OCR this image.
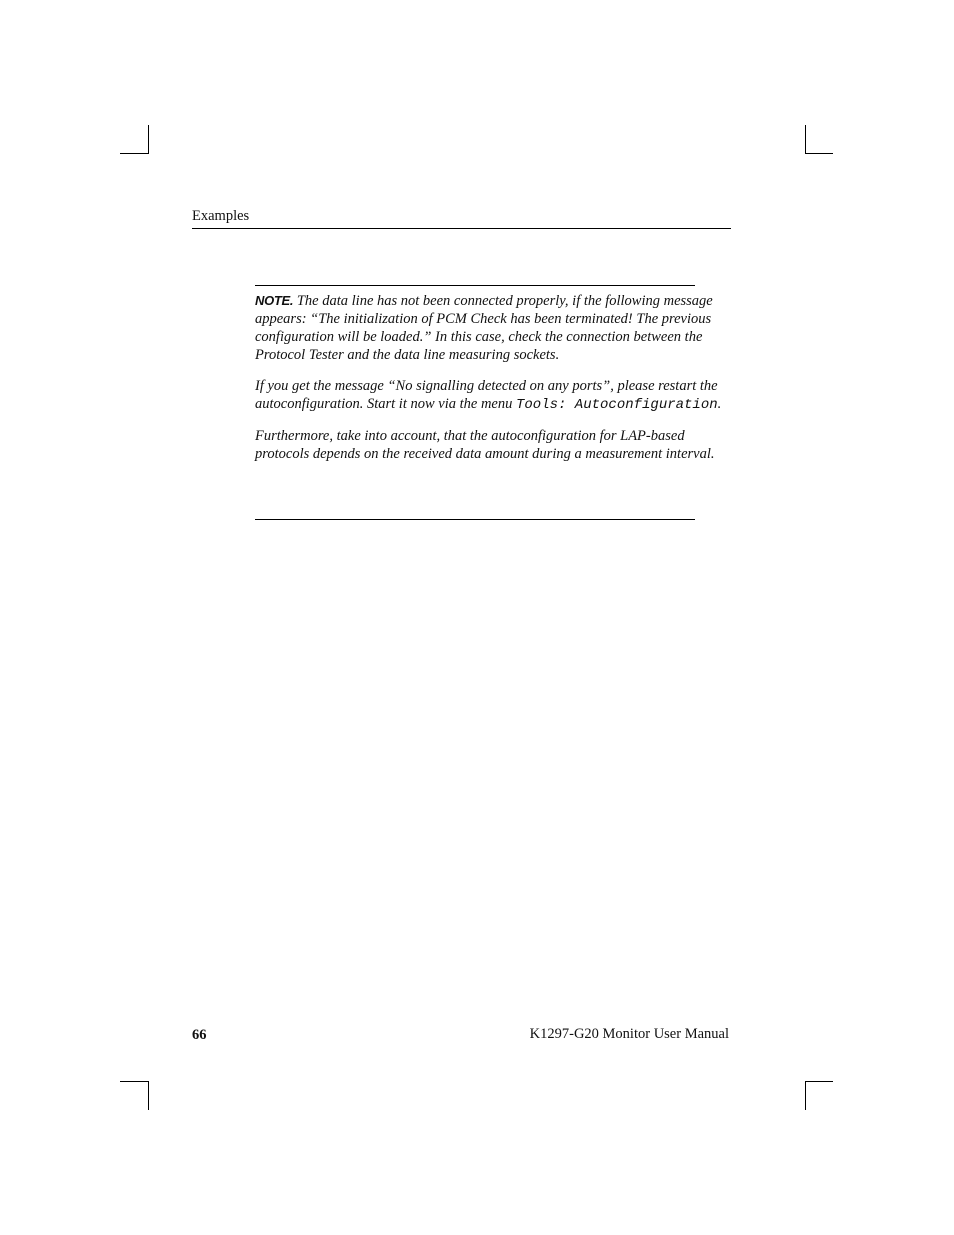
Examples

NOTE. The data line has not been connected properly, if the following message appears: “The initialization of PCM Check has been terminated! The previous configuration will be loaded.” In this case, check the connection between the Protocol Tester and the data line measuring sockets.

If you get the message “No signalling detected on any ports”, please restart the autoconfiguration. Start it now via the menu Tools: Autoconfiguration.

Furthermore, take into account, that the autoconfiguration for LAP-based protocols depends on the received data amount during a measurement interval.

66	K1297-G20 Monitor User Manual
